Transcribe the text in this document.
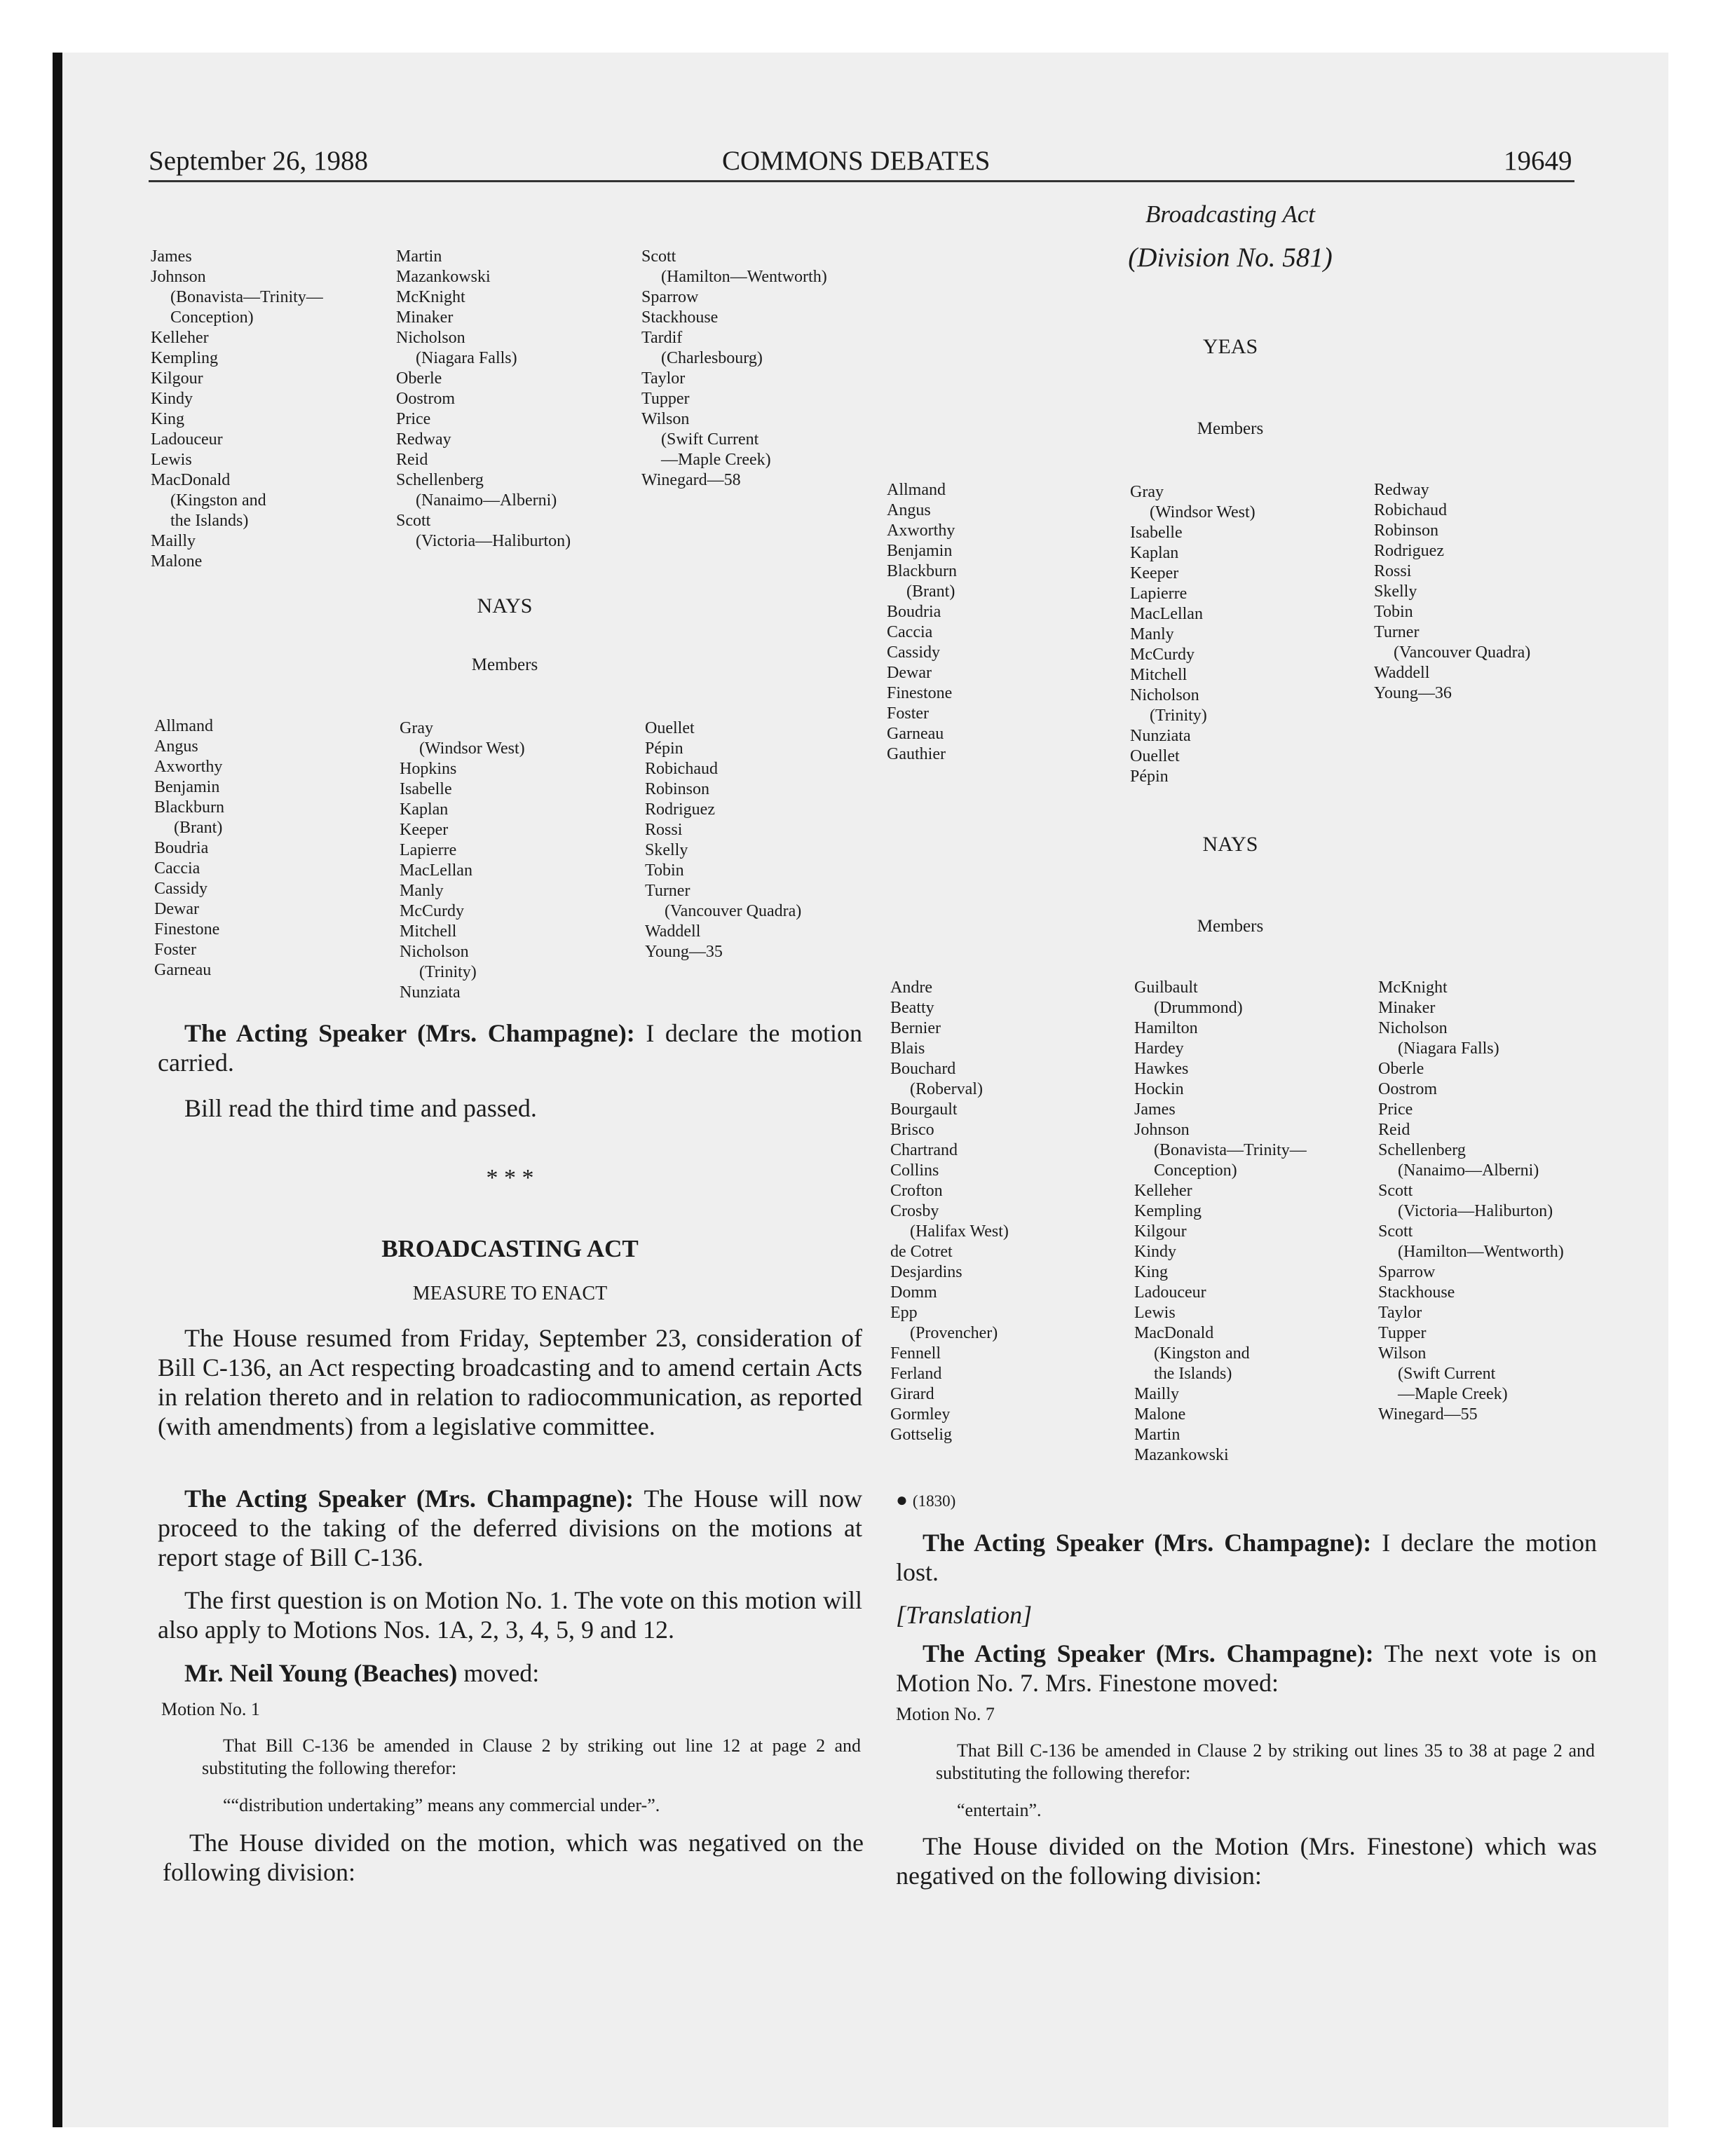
September 26, 1988	COMMONS DEBATES	19649
James
Johnson
(Bonavista—Trinity—
Conception)
Kelleher
Kempling
Kilgour
Kindy
King
Ladouceur
Lewis
MacDonald
(Kingston and
the Islands)
Mailly
Malone
Martin
Mazankowski
McKnight
Minaker
Nicholson
(Niagara Falls)
Oberle
Oostrom
Price
Redway
Reid
Schellenberg
(Nanaimo—Alberni)
Scott
(Victoria—Haliburton)
Scott
(Hamilton—Wentworth)
Sparrow
Stackhouse
Tardif
(Charlesbourg)
Taylor
Tupper
Wilson
(Swift Current
—Maple Creek)
Winegard—58
NAYS
Members
Allmand
Angus
Axworthy
Benjamin
Blackburn
(Brant)
Boudria
Caccia
Cassidy
Dewar
Finestone
Foster
Garneau
Gray
(Windsor West)
Hopkins
Isabelle
Kaplan
Keeper
Lapierre
MacLellan
Manly
McCurdy
Mitchell
Nicholson
(Trinity)
Nunziata
Ouellet
Pépin
Robichaud
Robinson
Rodriguez
Rossi
Skelly
Tobin
Turner
(Vancouver Quadra)
Waddell
Young—35

The Acting Speaker (Mrs. Champagne): I declare the motion carried.

Bill read the third time and passed.

* * *
BROADCASTING ACT
MEASURE TO ENACT

The House resumed from Friday, September 23, consideration of Bill C-136, an Act respecting broadcasting and to amend certain Acts in relation thereto and in relation to radiocommunication, as reported (with amendments) from a legislative committee.

The Acting Speaker (Mrs. Champagne): The House will now proceed to the taking of the deferred divisions on the motions at report stage of Bill C-136.

The first question is on Motion No. 1. The vote on this motion will also apply to Motions Nos. 1A, 2, 3, 4, 5, 9 and 12.

Mr. Neil Young (Beaches) moved:

Motion No. 1

That Bill C-136 be amended in Clause 2 by striking out line 12 at page 2 and substituting the following therefor:

““distribution undertaking” means any commercial under-”.

The House divided on the motion, which was negatived on the following division:

Broadcasting Act
(Division No. 581)
YEAS
Members
Allmand
Angus
Axworthy
Benjamin
Blackburn
(Brant)
Boudria
Caccia
Cassidy
Dewar
Finestone
Foster
Garneau
Gauthier
Gray
(Windsor West)
Isabelle
Kaplan
Keeper
Lapierre
MacLellan
Manly
McCurdy
Mitchell
Nicholson
(Trinity)
Nunziata
Ouellet
Pépin
Redway
Robichaud
Robinson
Rodriguez
Rossi
Skelly
Tobin
Turner
(Vancouver Quadra)
Waddell
Young—36
NAYS
Members
Andre
Beatty
Bernier
Blais
Bouchard
(Roberval)
Bourgault
Brisco
Chartrand
Collins
Crofton
Crosby
(Halifax West)
de Cotret
Desjardins
Domm
Epp
(Provencher)
Fennell
Ferland
Girard
Gormley
Gottselig
Guilbault
(Drummond)
Hamilton
Hardey
Hawkes
Hockin
James
Johnson
(Bonavista—Trinity—
Conception)
Kelleher
Kempling
Kilgour
Kindy
King
Ladouceur
Lewis
MacDonald
(Kingston and
the Islands)
Mailly
Malone
Martin
Mazankowski
McKnight
Minaker
Nicholson
(Niagara Falls)
Oberle
Oostrom
Price
Reid
Schellenberg
(Nanaimo—Alberni)
Scott
(Victoria—Haliburton)
Scott
(Hamilton—Wentworth)
Sparrow
Stackhouse
Taylor
Tupper
Wilson
(Swift Current
—Maple Creek)
Winegard—55
● (1830)

The Acting Speaker (Mrs. Champagne): I declare the motion lost.

[Translation]

The Acting Speaker (Mrs. Champagne): The next vote is on Motion No. 7. Mrs. Finestone moved:

Motion No. 7

That Bill C-136 be amended in Clause 2 by striking out lines 35 to 38 at page 2 and substituting the following therefor:

“entertain”.

The House divided on the Motion (Mrs. Finestone) which was negatived on the following division:
